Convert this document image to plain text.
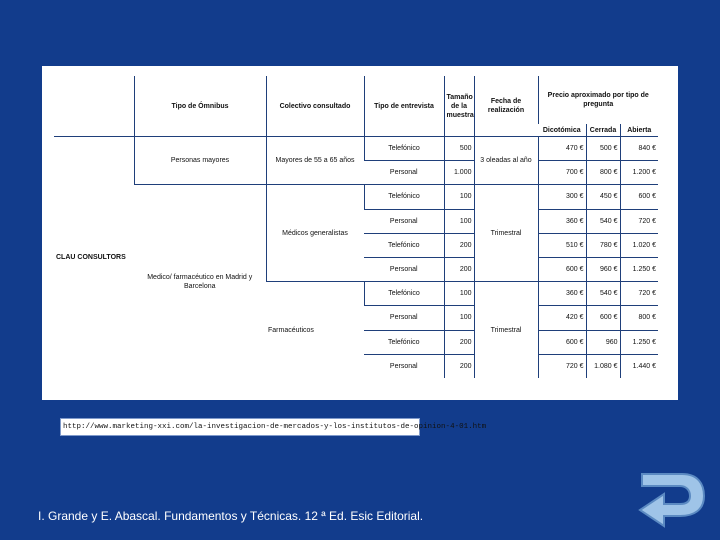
	Tipo de Ómnibus	Colectivo consultado	Tipo de entrevista	Tamaño de la muestra	Fecha de realización	Precio aproximado por tipo de pregunta		
						Dicotómica	Cerrada	Abierta
CLAU CONSULTORS	Personas mayores	Mayores de 55 a 65 años	Telefónico	500	3 oleadas al año	470 €	500 €	840 €
			Personal	1.000		700 €	800 €	1.200 €
	Medico/ farmacéutico en Madrid y Barcelona	Médicos generalistas	Telefónico	100	Trimestral	300 €	450 €	600 €
			Personal	100		360 €	540 €	720 €
			Telefónico	200		510 €	780 €	1.020 €
			Personal	200		600 €	960 €	1.250 €
		Farmacéuticos	Telefónico	100	Trimestral	360 €	540 €	720 €
			Personal	100		420 €	600 €	800 €
			Telefónico	200		600 €	960	1.250 €
			Personal	200		720 €	1.080 €	1.440 €
http://www.marketing-xxi.com/la-investigacion-de-mercados-y-los-institutos-de-opinion-4-01.htm
I. Grande y E. Abascal. Fundamentos y Técnicas. 12 ª Ed. Esic Editorial.
